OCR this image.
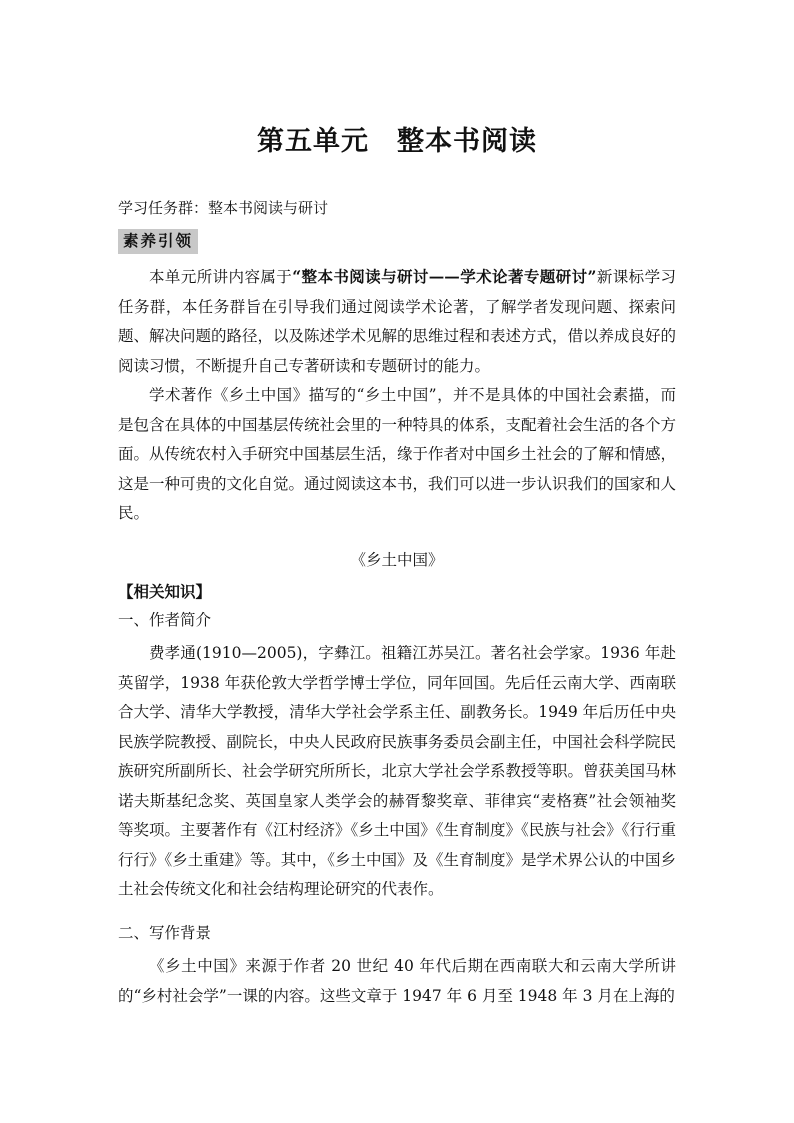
第五单元　整本书阅读
学习任务群：整本书阅读与研讨
素养引领

本单元所讲内容属于“整本书阅读与研讨——学术论著专题研讨”新课标学习任务群，本任务群旨在引导我们通过阅读学术论著，了解学者发现问题、探索问题、解决问题的路径，以及陈述学术见解的思维过程和表述方式，借以养成良好的阅读习惯，不断提升自己专著研读和专题研讨的能力。

学术著作《乡土中国》描写的“乡土中国”，并不是具体的中国社会素描，而是包含在具体的中国基层传统社会里的一种特具的体系，支配着社会生活的各个方面。从传统农村入手研究中国基层生活，缘于作者对中国乡土社会的了解和情感，这是一种可贵的文化自觉。通过阅读这本书，我们可以进一步认识我们的国家和人民。

《乡土中国》
【相关知识】
一、作者简介

费孝通(1910—2005)，字彝江。祖籍江苏吴江。著名社会学家。1936 年赴英留学，1938 年获伦敦大学哲学博士学位，同年回国。先后任云南大学、西南联合大学、清华大学教授，清华大学社会学系主任、副教务长。1949 年后历任中央民族学院教授、副院长，中央人民政府民族事务委员会副主任，中国社会科学院民族研究所副所长、社会学研究所所长，北京大学社会学系教授等职。曾获美国马林诺夫斯基纪念奖、英国皇家人类学会的赫胥黎奖章、菲律宾“麦格赛”社会领袖奖等奖项。主要著作有《江村经济》《乡土中国》《生育制度》《民族与社会》《行行重行行》《乡土重建》等。其中，《乡土中国》及《生育制度》是学术界公认的中国乡土社会传统文化和社会结构理论研究的代表作。

二、写作背景

《乡土中国》来源于作者 20 世纪 40 年代后期在西南联大和云南大学所讲的“乡村社会学”一课的内容。这些文章于 1947 年 6 月至 1948 年 3 月在上海的
